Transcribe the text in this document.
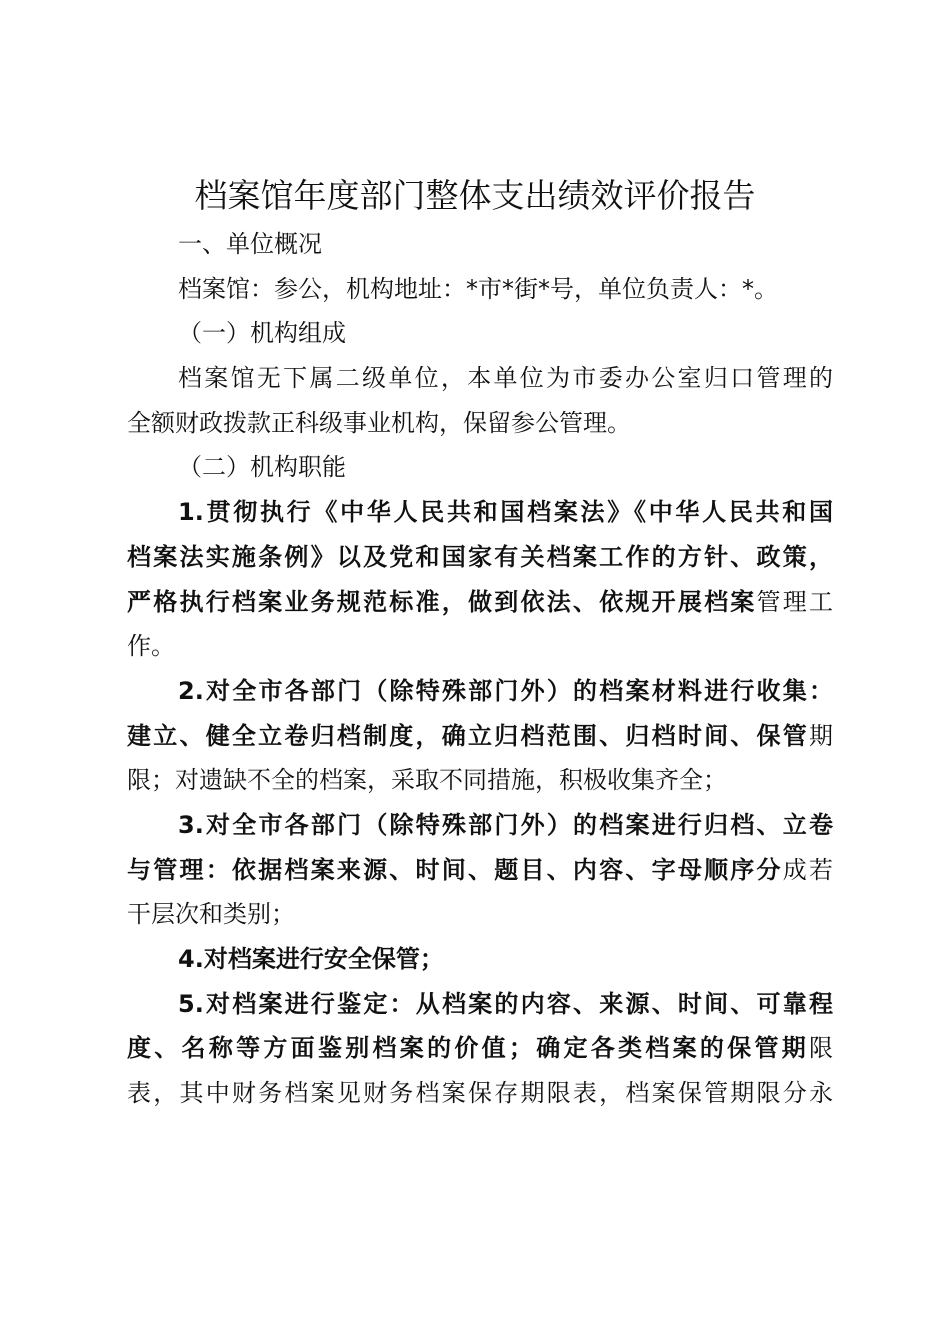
档案馆年度部门整体支出绩效评价报告
一、单位概况
档案馆：参公，机构地址：*市*街*号，单位负责人：*。
（一）机构组成
档案馆无下属二级单位，本单位为市委办公室归口管理的
全额财政拨款正科级事业机构，保留参公管理。
（二）机构职能
1.贯彻执行《中华人民共和国档案法》《中华人民共和国
档案法实施条例》以及党和国家有关档案工作的方针、政策，
严格执行档案业务规范标准，做到依法、依规开展档案管理工
作。
2.对全市各部门（除特殊部门外）的档案材料进行收集：
建立、健全立卷归档制度，确立归档范围、归档时间、保管期
限；对遗缺不全的档案，采取不同措施，积极收集齐全；
3.对全市各部门（除特殊部门外）的档案进行归档、立卷
与管理：依据档案来源、时间、题目、内容、字母顺序分成若
干层次和类别；
4.对档案进行安全保管；
5.对档案进行鉴定：从档案的内容、来源、时间、可靠程
度、名称等方面鉴别档案的价值；确定各类档案的保管期限
表，其中财务档案见财务档案保存期限表，档案保管期限分永
